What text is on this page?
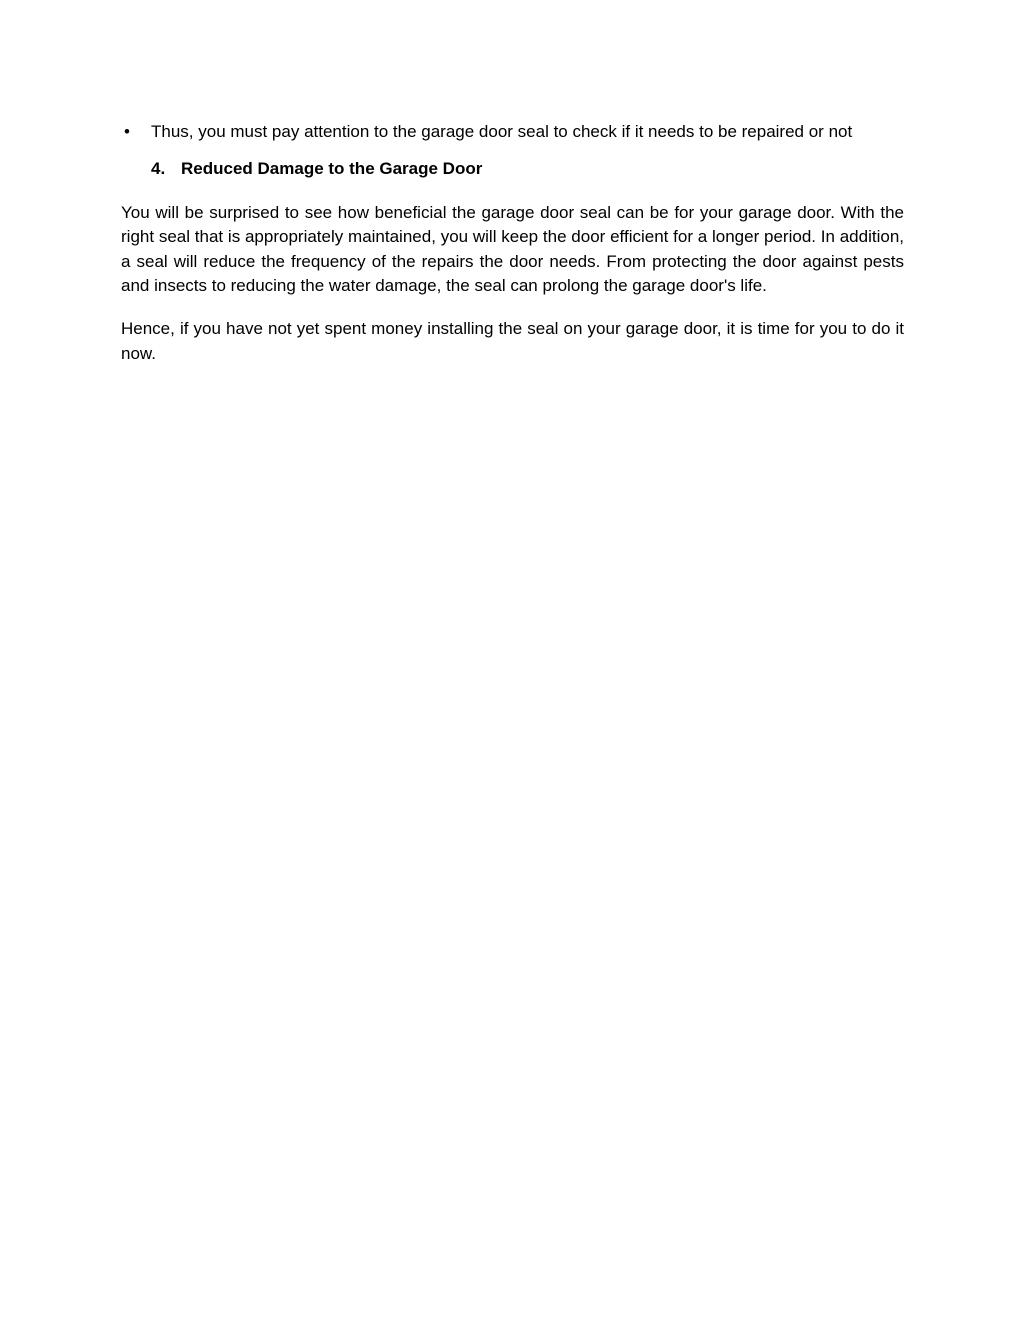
• Thus, you must pay attention to the garage door seal to check if it needs to be repaired or not
4. Reduced Damage to the Garage Door

You will be surprised to see how beneficial the garage door seal can be for your garage door. With the right seal that is appropriately maintained, you will keep the door efficient for a longer period. In addition, a seal will reduce the frequency of the repairs the door needs. From protecting the door against pests and insects to reducing the water damage, the seal can prolong the garage door's life.

Hence, if you have not yet spent money installing the seal on your garage door, it is time for you to do it now.
